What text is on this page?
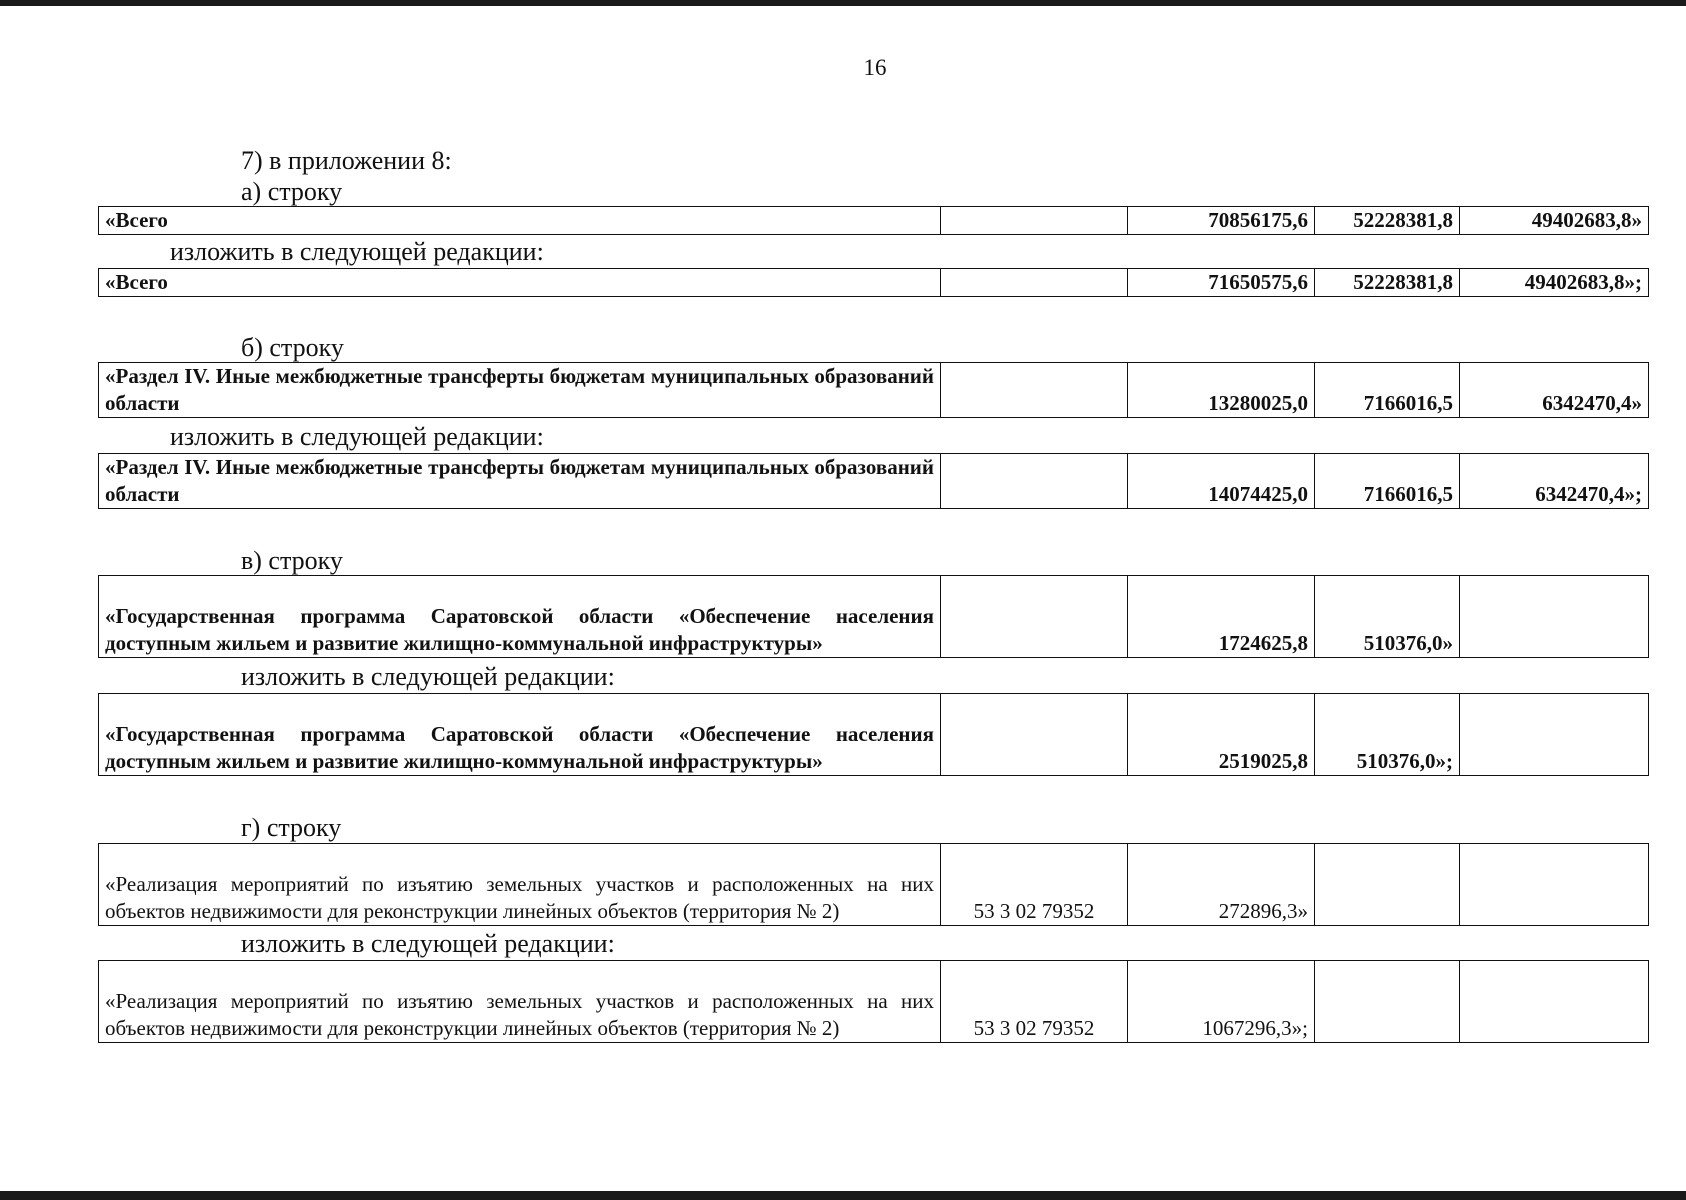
16
7) в приложении 8:
а) строку
«Всего		70856175,6	52228381,8	49402683,8»
изложить в следующей редакции:
«Всего		71650575,6	52228381,8	49402683,8»;
б) строку
«Раздел IV. Иные межбюджетные трансферты бюджетам муниципальных образований области		13280025,0	7166016,5	6342470,4»
изложить в следующей редакции:
«Раздел IV. Иные межбюджетные трансферты бюджетам муниципальных образований области		14074425,0	7166016,5	6342470,4»;
в) строку
«Государственная программа Саратовской области «Обеспечение населения доступным жильем и развитие жилищно-коммунальной инфраструктуры»		1724625,8	510376,0»	
изложить в следующей редакции:
«Государственная программа Саратовской области «Обеспечение населения доступным жильем и развитие жилищно-коммунальной инфраструктуры»		2519025,8	510376,0»;	
г) строку
«Реализация мероприятий по изъятию земельных участков и расположенных на них объектов недвижимости для реконструкции линейных объектов (территория № 2)	53 3 02 79352	272896,3»		
изложить в следующей редакции:
«Реализация мероприятий по изъятию земельных участков и расположенных на них объектов недвижимости для реконструкции линейных объектов (территория № 2)	53 3 02 79352	1067296,3»;		
